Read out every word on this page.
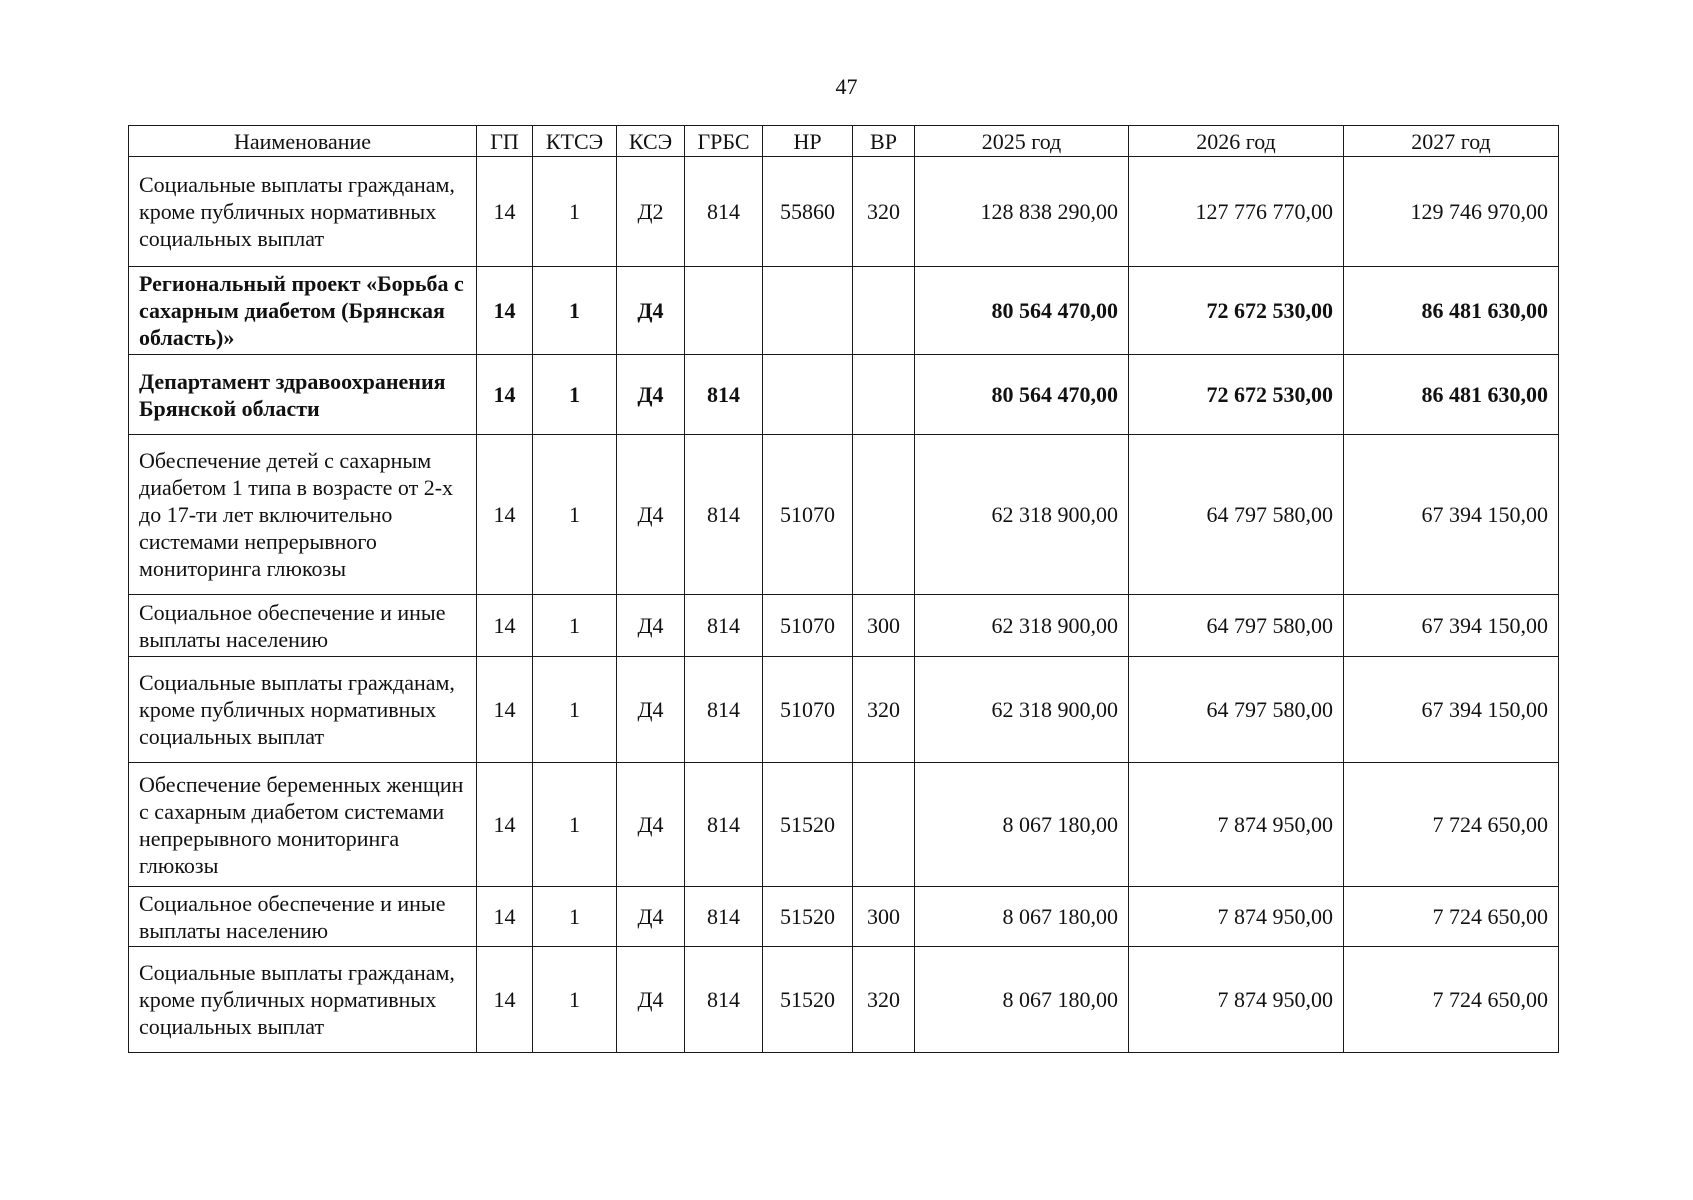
47
Наименование	ГП	КТСЭ	КСЭ	ГРБС	НР	ВР	2025 год	2026 год	2027 год
Социальные выплаты гражданам, кроме публичных нормативных социальных выплат	14	1	Д2	814	55860	320	128 838 290,00	127 776 770,00	129 746 970,00
Региональный проект «Борьба с сахарным диабетом (Брянская область)»	14	1	Д4				80 564 470,00	72 672 530,00	86 481 630,00
Департамент здравоохранения Брянской области	14	1	Д4	814			80 564 470,00	72 672 530,00	86 481 630,00
Обеспечение детей с сахарным диабетом 1 типа в возрасте от 2-х до 17-ти лет включительно системами непрерывного мониторинга глюкозы	14	1	Д4	814	51070		62 318 900,00	64 797 580,00	67 394 150,00
Социальное обеспечение и иные выплаты населению	14	1	Д4	814	51070	300	62 318 900,00	64 797 580,00	67 394 150,00
Социальные выплаты гражданам, кроме публичных нормативных социальных выплат	14	1	Д4	814	51070	320	62 318 900,00	64 797 580,00	67 394 150,00
Обеспечение беременных женщин с сахарным диабетом системами непрерывного мониторинга глюкозы	14	1	Д4	814	51520		8 067 180,00	7 874 950,00	7 724 650,00
Социальное обеспечение и иные выплаты населению	14	1	Д4	814	51520	300	8 067 180,00	7 874 950,00	7 724 650,00
Социальные выплаты гражданам, кроме публичных нормативных социальных выплат	14	1	Д4	814	51520	320	8 067 180,00	7 874 950,00	7 724 650,00
